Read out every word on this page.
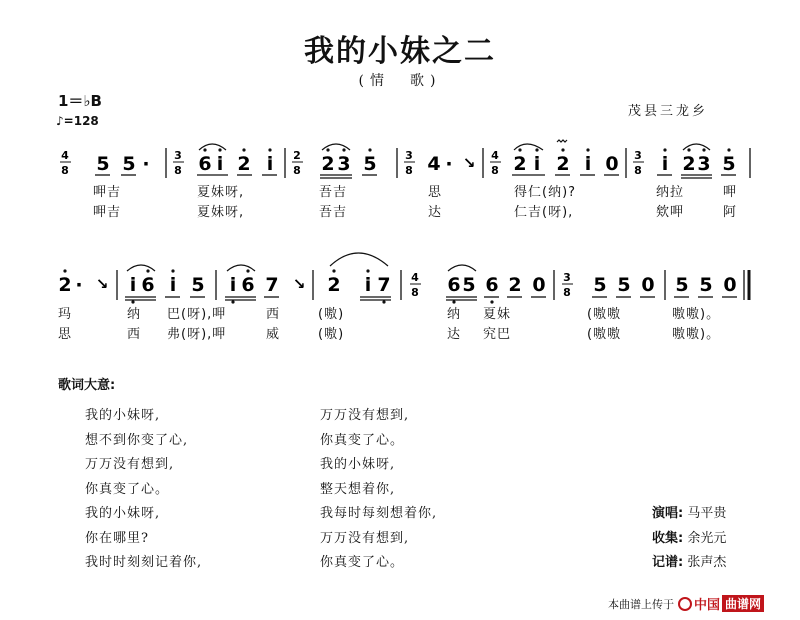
我的小妹之二
(情　歌)
1＝♭B
♪=128
茂县三龙乡
4
8
3
8
2
8
3
8
4
8
3
8
5 5 ·	6 i 2 i	2 3 5	4 · ↘ 2 i 2 i 0 i 2 3 5
呷吉	夏妹呀,	吾吉	思	得仁(纳)?	纳拉	呷
呷吉	夏妹呀,	吾吉	达	仁吉(呀),	欸呷	阿
4
8
3
8
2 · ↘ i 6 i 5 i 6 7 ↘ 2 i 7	6 5 6 2 0	5 5 0 5 5 0
玛	纳 巴(呀),呷	西	(嗷)	纳 夏妹	(嗷嗷	嗷嗷)。
思	西 弗(呀),呷	威	(嗷)	达 究巴	(嗷嗷	嗷嗷)。
歌词大意:
我的小妹呀,
想不到你变了心,
万万没有想到,
你真变了心。
我的小妹呀,
你在哪里?
我时时刻刻记着你,
万万没有想到,
你真变了心。
我的小妹呀,
整天想着你,
我每时每刻想着你,
万万没有想到,
你真变了心。
演唱: 马平贵
收集: 余光元
记谱: 张声杰
本曲谱上传于 中国 曲谱网
